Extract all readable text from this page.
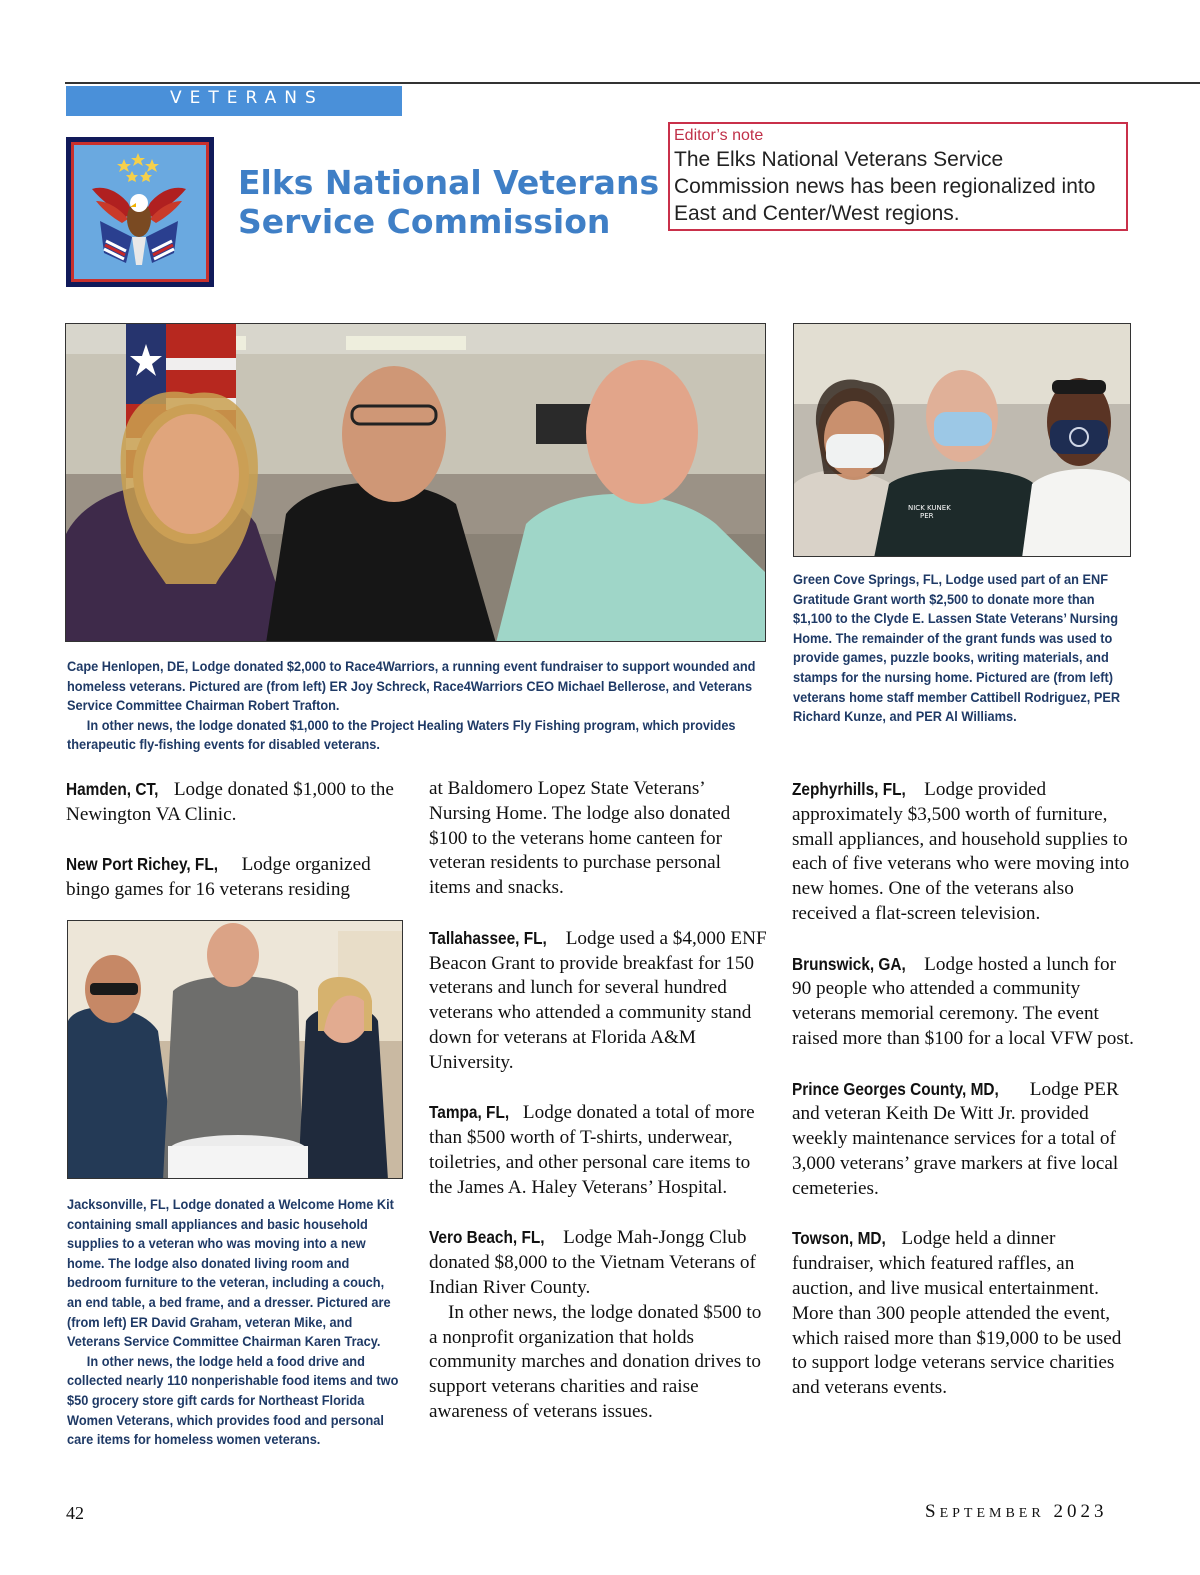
VETERANS
Elks National Veterans
Service Commission
Editor’s note
The Elks National Veterans Service Commission news has been regionalized into East and Center/West regions.
NICK KUNEK
PER

Cape Henlopen, DE, Lodge donated $2,000 to Race4Warriors, a running event fundraiser to support wounded and homeless veterans. Pictured are (from left) ER Joy Schreck, Race4Warriors CEO Michael Bellerose, and Veterans Service Committee Chairman Robert Trafton.

In other news, the lodge donated $1,000 to the Project Healing Waters Fly Fishing program, which provides therapeutic fly-fishing events for disabled veterans.

Green Cove Springs, FL, Lodge used part of an ENF Gratitude Grant worth $2,500 to donate more than $1,100 to the Clyde E. Lassen State Veterans’ Nursing Home. The remainder of the grant funds was used to provide games, puzzle books, writing materials, and stamps for the nursing home. Pictured are (from left) veterans home staff member Cattibell Rodriguez, PER Richard Kunze, and PER Al Williams.

Jacksonville, FL, Lodge donated a Welcome Home Kit containing small appliances and basic household supplies to a veteran who was moving into a new home. The lodge also donated living room and bedroom furniture to the veteran, including a couch, an end table, a bed frame, and a dresser. Pictured are (from left) ER David Graham, veteran Mike, and Veterans Service Committee Chairman Karen Tracy.

In other news, the lodge held a food drive and collected nearly 110 nonperishable food items and two $50 grocery store gift cards for Northeast Florida Women Veterans, which provides food and personal care items for homeless women veterans.

Hamden, CT, Lodge donated $1,000 to the Newington VA Clinic.

New Port Richey, FL, Lodge organized bingo games for 16 veterans residing

at Baldomero Lopez State Veterans’ Nursing Home. The lodge also donated $100 to the veterans home canteen for veteran residents to purchase personal items and snacks.

Tallahassee, FL, Lodge used a $4,000 ENF Beacon Grant to provide breakfast for 150 veterans and lunch for several hundred veterans who attended a community stand down for veterans at Florida A&M University.

Tampa, FL, Lodge donated a total of more than $500 worth of T-shirts, underwear, toiletries, and other personal care items to the James A. Haley Veterans’ Hospital.

Vero Beach, FL, Lodge Mah-Jongg Club donated $8,000 to the Vietnam Veterans of Indian River County.

In other news, the lodge donated $500 to a nonprofit organization that holds community marches and donation drives to support veterans charities and raise awareness of veterans issues.

Zephyrhills, FL, Lodge provided approximately $3,500 worth of furniture, small appliances, and household supplies to each of five veterans who were moving into new homes. One of the veterans also received a flat-screen television.

Brunswick, GA, Lodge hosted a lunch for 90 people who attended a community veterans memorial ceremony. The event raised more than $100 for a local VFW post.

Prince Georges County, MD, Lodge PER and veteran Keith De Witt Jr. provided weekly maintenance services for a total of 3,000 veterans’ grave markers at five local cemeteries.

Towson, MD, Lodge held a dinner fundraiser, which featured raffles, an auction, and live musical entertainment. More than 300 people attended the event, which raised more than $19,000 to be used to support lodge veterans service charities and veterans events.

42	SEPTEMBER 2023
